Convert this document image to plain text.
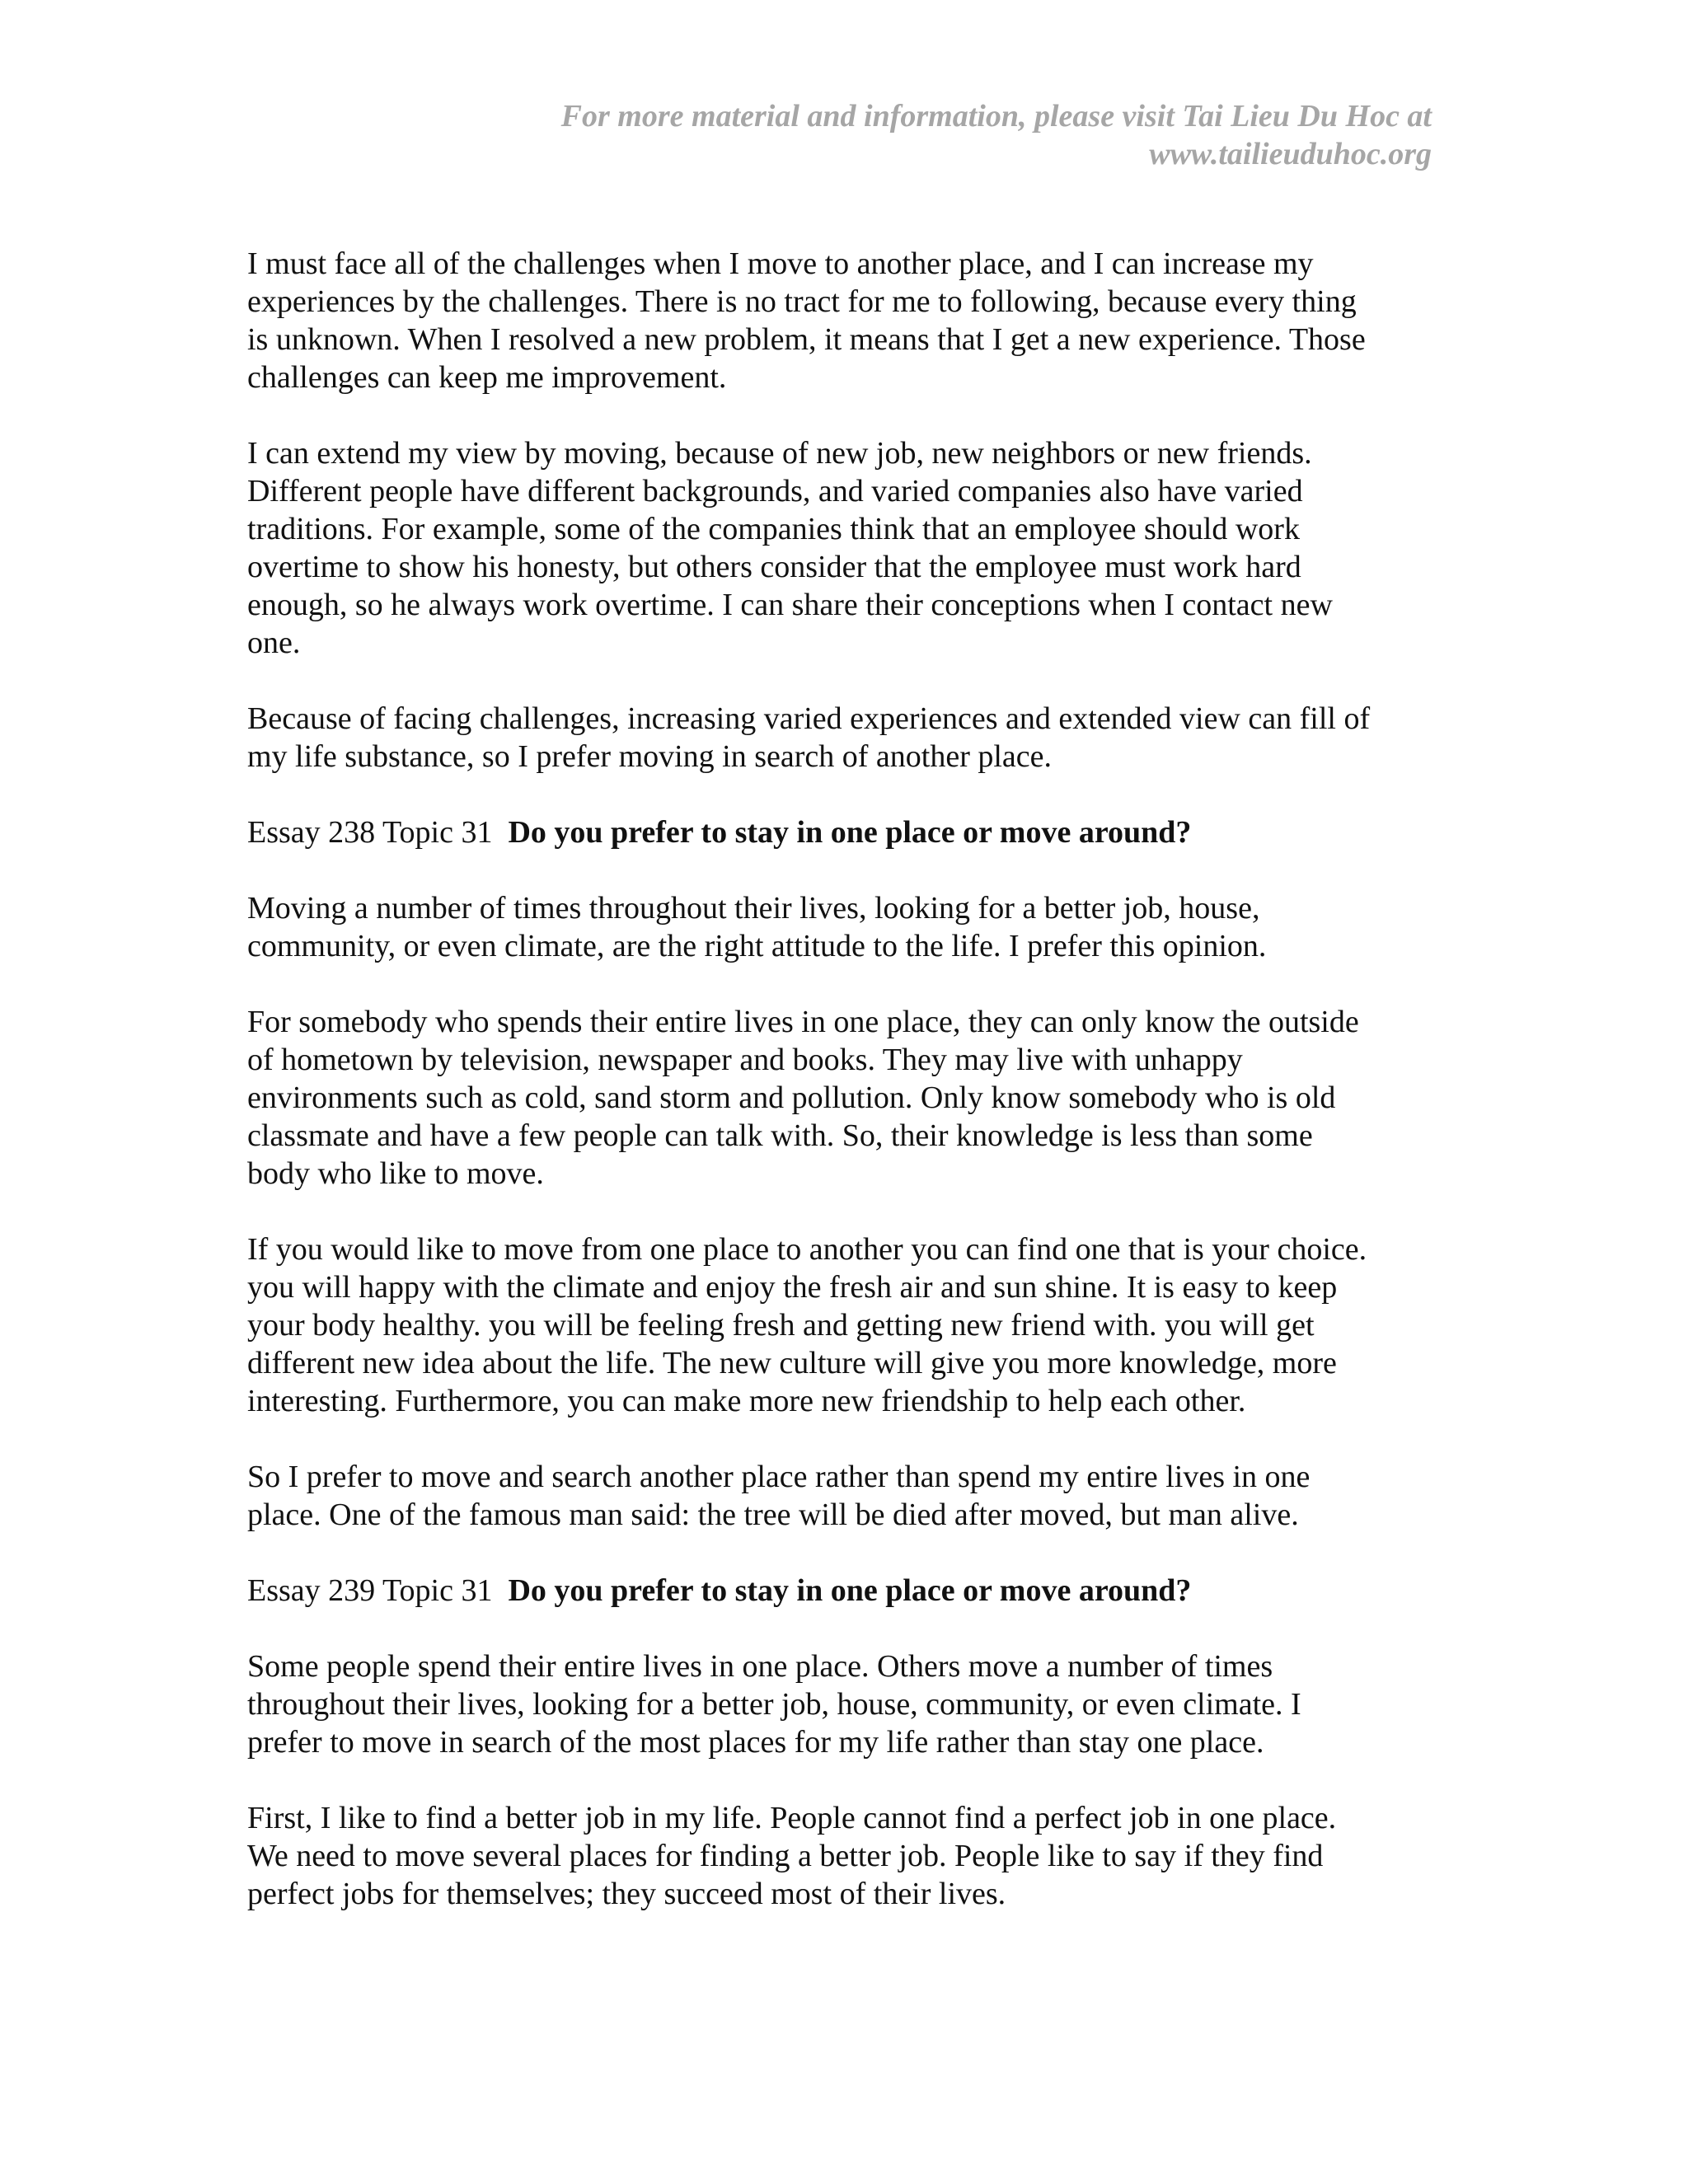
For more material and information, please visit Tai Lieu Du Hoc at
www.tailieuduhoc.org
I must face all of the challenges when I move to another place, and I can increase my
experiences by the challenges. There is no tract for me to following, because every thing
is unknown. When I resolved a new problem, it means that I get a new experience. Those
challenges can keep me improvement.
I can extend my view by moving, because of new job, new neighbors or new friends.
Different people have different backgrounds, and varied companies also have varied
traditions. For example, some of the companies think that an employee should work
overtime to show his honesty, but others consider that the employee must work hard
enough, so he always work overtime. I can share their conceptions when I contact new
one.
Because of facing challenges, increasing varied experiences and extended view can fill of
my life substance, so I prefer moving in search of another place.
Essay 238 Topic 31 Do you prefer to stay in one place or move around?
Moving a number of times throughout their lives, looking for a better job, house,
community, or even climate, are the right attitude to the life. I prefer this opinion.
For somebody who spends their entire lives in one place, they can only know the outside
of hometown by television, newspaper and books. They may live with unhappy
environments such as cold, sand storm and pollution. Only know somebody who is old
classmate and have a few people can talk with. So, their knowledge is less than some
body who like to move.
If you would like to move from one place to another you can find one that is your choice.
you will happy with the climate and enjoy the fresh air and sun shine. It is easy to keep
your body healthy. you will be feeling fresh and getting new friend with. you will get
different new idea about the life. The new culture will give you more knowledge, more
interesting. Furthermore, you can make more new friendship to help each other.
So I prefer to move and search another place rather than spend my entire lives in one
place. One of the famous man said: the tree will be died after moved, but man alive.
Essay 239 Topic 31 Do you prefer to stay in one place or move around?
Some people spend their entire lives in one place. Others move a number of times
throughout their lives, looking for a better job, house, community, or even climate. I
prefer to move in search of the most places for my life rather than stay one place.
First, I like to find a better job in my life. People cannot find a perfect job in one place.
We need to move several places for finding a better job. People like to say if they find
perfect jobs for themselves; they succeed most of their lives.
